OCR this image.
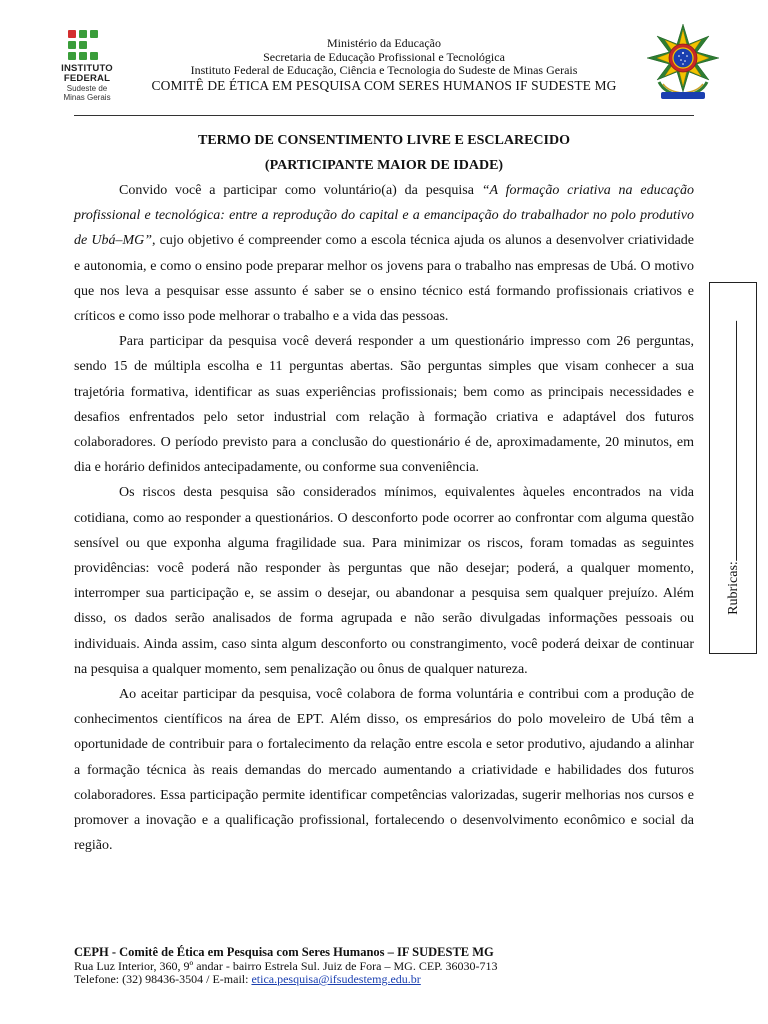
INSTITUTO
FEDERAL
Sudeste de
Minas Gerais

Ministério da Educação

Secretaria de Educação Profissional e Tecnológica

Instituto Federal de Educação, Ciência e Tecnologia do Sudeste de Minas Gerais

COMITÊ DE ÉTICA EM PESQUISA COM SERES HUMANOS IF SUDESTE MG

TERMO DE CONSENTIMENTO LIVRE E ESCLARECIDO
(PARTICIPANTE MAIOR DE IDADE)

Convido você a participar como voluntário(a) da pesquisa “A formação criativa na educação profissional e tecnológica: entre a reprodução do capital e a emancipação do trabalhador no polo produtivo de Ubá–MG”, cujo objetivo é compreender como a escola técnica ajuda os alunos a desenvolver criatividade e autonomia, e como o ensino pode preparar melhor os jovens para o trabalho nas empresas de Ubá. O motivo que nos leva a pesquisar esse assunto é saber se o ensino técnico está formando profissionais criativos e críticos e como isso pode melhorar o trabalho e a vida das pessoas.

Para participar da pesquisa você deverá responder a um questionário impresso com 26 perguntas, sendo 15 de múltipla escolha e 11 perguntas abertas. São perguntas simples que visam conhecer a sua trajetória formativa, identificar as suas experiências profissionais; bem como as principais necessidades e desafios enfrentados pelo setor industrial com relação à formação criativa e adaptável dos futuros colaboradores. O período previsto para a conclusão do questionário é de, aproximadamente, 20 minutos, em dia e horário definidos antecipadamente, ou conforme sua conveniência.

Os riscos desta pesquisa são considerados mínimos, equivalentes àqueles encontrados na vida cotidiana, como ao responder a questionários. O desconforto pode ocorrer ao confrontar com alguma questão sensível ou que exponha alguma fragilidade sua. Para minimizar os riscos, foram tomadas as seguintes providências: você poderá não responder às perguntas que não desejar; poderá, a qualquer momento, interromper sua participação e, se assim o desejar, ou abandonar a pesquisa sem qualquer prejuízo. Além disso, os dados serão analisados de forma agrupada e não serão divulgadas informações pessoais ou individuais. Ainda assim, caso sinta algum desconforto ou constrangimento, você poderá deixar de continuar na pesquisa a qualquer momento, sem penalização ou ônus de qualquer natureza.

Ao aceitar participar da pesquisa, você colabora de forma voluntária e contribui com a produção de conhecimentos científicos na área de EPT. Além disso, os empresários do polo moveleiro de Ubá têm a oportunidade de contribuir para o fortalecimento da relação entre escola e setor produtivo, ajudando a alinhar a formação técnica às reais demandas do mercado aumentando a criatividade e habilidades dos futuros colaboradores. Essa participação permite identificar competências valorizadas, sugerir melhorias nos cursos e promover a inovação e a qualificação profissional, fortalecendo o desenvolvimento econômico e social da região.

Rubricas:
CEPH - Comitê de Ética em Pesquisa com Seres Humanos – IF SUDESTE MG
Rua Luz Interior, 360, 9º andar - bairro Estrela Sul. Juiz de Fora – MG. CEP. 36030-713
Telefone: (32) 98436-3504 / E-mail: etica.pesquisa@ifsudestemg.edu.br
